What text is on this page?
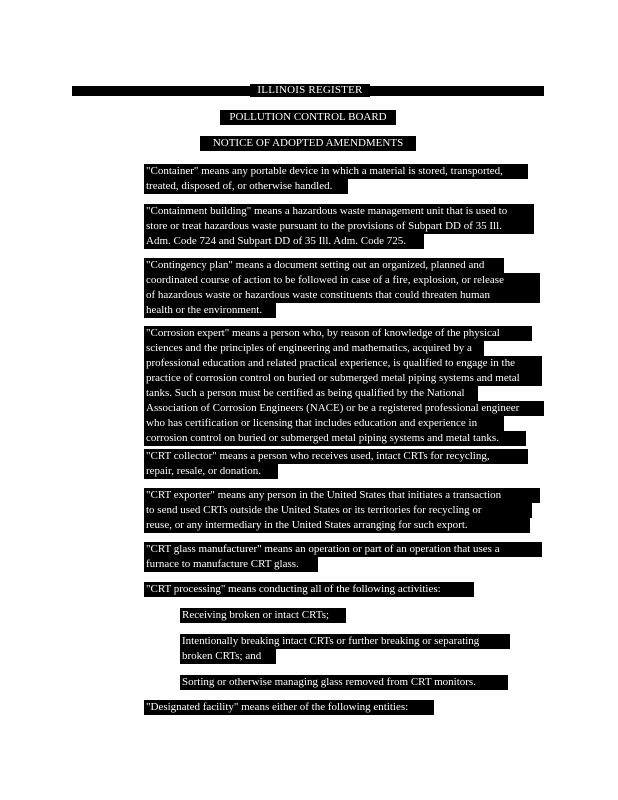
ILLINOIS REGISTER
POLLUTION CONTROL BOARD
NOTICE OF ADOPTED AMENDMENTS
"Container" means any portable device in which a material is stored, transported,
treated, disposed of, or otherwise handled.
"Containment building" means a hazardous waste management unit that is used to
store or treat hazardous waste pursuant to the provisions of Subpart DD of 35 Ill.
Adm. Code 724 and Subpart DD of 35 Ill. Adm. Code 725.
"Contingency plan" means a document setting out an organized, planned and
coordinated course of action to be followed in case of a fire, explosion, or release
of hazardous waste or hazardous waste constituents that could threaten human
health or the environment.
"Corrosion expert" means a person who, by reason of knowledge of the physical
sciences and the principles of engineering and mathematics, acquired by a
professional education and related practical experience, is qualified to engage in the
practice of corrosion control on buried or submerged metal piping systems and metal
tanks. Such a person must be certified as being qualified by the National
Association of Corrosion Engineers (NACE) or be a registered professional engineer
who has certification or licensing that includes education and experience in
corrosion control on buried or submerged metal piping systems and metal tanks.
"CRT collector" means a person who receives used, intact CRTs for recycling,
repair, resale, or donation.
"CRT exporter" means any person in the United States that initiates a transaction
to send used CRTs outside the United States or its territories for recycling or
reuse, or any intermediary in the United States arranging for such export.
"CRT glass manufacturer" means an operation or part of an operation that uses a
furnace to manufacture CRT glass.
"CRT processing" means conducting all of the following activities:
Receiving broken or intact CRTs;
Intentionally breaking intact CRTs or further breaking or separating
broken CRTs; and
Sorting or otherwise managing glass removed from CRT monitors.
"Designated facility" means either of the following entities:
